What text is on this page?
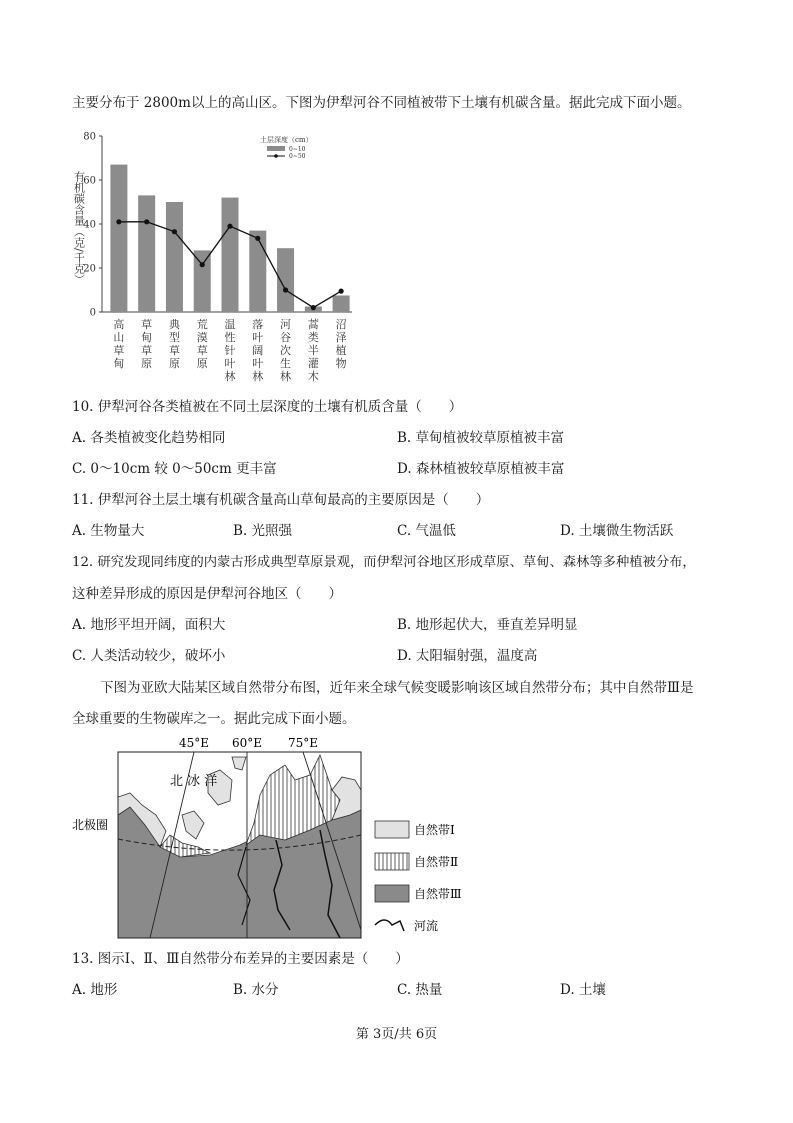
主要分布于 2800m以上的高山区。下图为伊犁河谷不同植被带下土壤有机碳含量。据此完成下面小题。
0
20
40
60
80
有机碳含量（克/千克）
高山草甸
草甸草原
典型草原
荒漠草原
温性针叶林
落叶阔叶林
河谷次生林
蒿类半灌木
沼泽植物
土层深度（cm）
0~10
0~50
10. 伊犁河谷各类植被在不同土层深度的土壤有机质含量（　　）
A. 各类植被变化趋势相同	B. 草甸植被较草原植被丰富
C. 0～10cm 较 0～50cm 更丰富	D. 森林植被较草原植被丰富
11. 伊犁河谷土层土壤有机碳含量高山草甸最高的主要原因是（　　）
A. 生物量大	B. 光照强	C. 气温低	D. 土壤微生物活跃
12. 研究发现同纬度的内蒙古形成典型草原景观，而伊犁河谷地区形成草原、草甸、森林等多种植被分布，
这种差异形成的原因是伊犁河谷地区（　　）
A. 地形平坦开阔，面积大	B. 地形起伏大，垂直差异明显
C. 人类活动较少，破坏小	D. 太阳辐射强，温度高
下图为亚欧大陆某区域自然带分布图，近年来全球气候变暖影响该区域自然带分布；其中自然带Ⅲ是
全球重要的生物碳库之一。据此完成下面小题。
45°E 60°E 75°E
北 冰 洋
北极圈	自然带Ⅰ
自然带Ⅱ
自然带Ⅲ
河流
13. 图示Ⅰ、Ⅱ、Ⅲ自然带分布差异的主要因素是（　　）
A. 地形	B. 水分	C. 热量	D. 土壤
第 3页/共 6页
